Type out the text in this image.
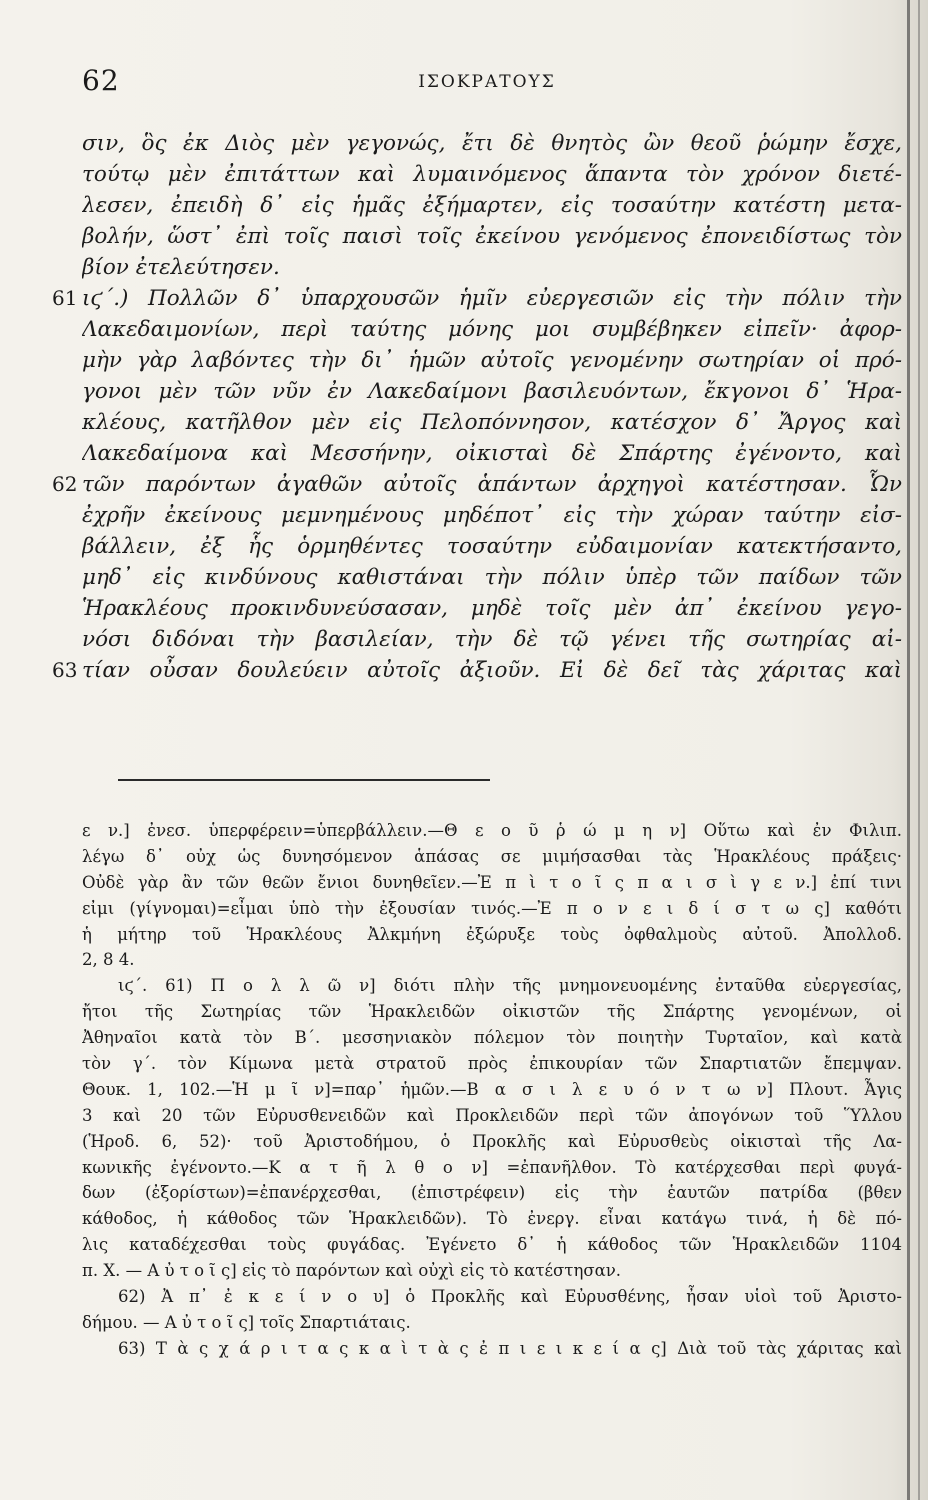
62	ΙΣΟΚΡΑΤΟΥΣ
σιν, ὃς ἐκ Διὸς μὲν γεγονώς, ἔτι δὲ θνητὸς ὢν θεοῦ ῥώμην ἔσχε,
τούτῳ μὲν ἐπιτάττων καὶ λυμαινόμενος ἅπαντα τὸν χρόνον διετέ-
λεσεν, ἐπειδὴ δ᾿ εἰς ἡμᾶς ἐξήμαρτεν, εἰς τοσαύτην κατέστη μετα-
βολήν, ὥστ᾿ ἐπὶ τοῖς παισὶ τοῖς ἐκείνου γενόμενος ἐπονειδίστως τὸν
βίον ἐτελεύτησεν.
61 ιϛ΄.) Πολλῶν δ᾿ ὑπαρχουσῶν ἡμῖν εὐεργεσιῶν εἰς τὴν πόλιν τὴν
Λακεδαιμονίων, περὶ ταύτης μόνης μοι συμβέβηκεν εἰπεῖν· ἀφορ-
μὴν γὰρ λαβόντες τὴν δι᾿ ἡμῶν αὐτοῖς γενομένην σωτηρίαν οἱ πρό-
γονοι μὲν τῶν νῦν ἐν Λακεδαίμονι βασιλευόντων, ἔκγονοι δ᾿ Ἡρα-
κλέους, κατῆλθον μὲν εἰς Πελοπόννησον, κατέσχον δ᾿ Ἄργος καὶ
Λακεδαίμονα καὶ Μεσσήνην, οἰκισταὶ δὲ Σπάρτης ἐγένοντο, καὶ
62 τῶν παρόντων ἀγαθῶν αὐτοῖς ἁπάντων ἀρχηγοὶ κατέστησαν. Ὧν
ἐχρῆν ἐκείνους μεμνημένους μηδέποτ᾿ εἰς τὴν χώραν ταύτην εἰσ-
βάλλειν, ἐξ ἧς ὁρμηθέντες τοσαύτην εὐδαιμονίαν κατεκτήσαντο,
μηδ᾿ εἰς κινδύνους καθιστάναι τὴν πόλιν ὑπὲρ τῶν παίδων τῶν
Ἡρακλέους προκινδυνεύσασαν, μηδὲ τοῖς μὲν ἀπ᾿ ἐκείνου γεγο-
νόσι διδόναι τὴν βασιλείαν, τὴν δὲ τῷ γένει τῆς σωτηρίας αἰ-
63 τίαν οὖσαν δουλεύειν αὐτοῖς ἀξιοῦν. Εἰ δὲ δεῖ τὰς χάριτας καὶ
ε ν.] ἐνεσ. ὑπερφέρειν=ὑπερβάλλειν.—Θ ε ο ῦ ῥ ώ μ η ν] Οὕτω καὶ ἐν Φιλιπ.
λέγω δ᾿ οὐχ ὡς δυνησόμενον ἁπάσας σε μιμήσασθαι τὰς Ἡρακλέους πράξεις·
Οὐδὲ γὰρ ἂν τῶν θεῶν ἔνιοι δυνηθεῖεν.—Ἐ π ὶ τ ο ῖ ς π α ι σ ὶ γ ε ν.] ἐπί τινι
εἰμι (γίγνομαι)=εἶμαι ὑπὸ τὴν ἐξουσίαν τινός.—Ἐ π ο ν ε ι δ ί σ τ ω ς] καθότι
ἡ μήτηρ τοῦ Ἡρακλέους Ἀλκμήνη ἐξώρυξε τοὺς ὀφθαλμοὺς αὐτοῦ. Ἀπολλοδ.
2, 8 4.
ιϛ΄. 61) Π ο λ λ ῶ ν] διότι πλὴν τῆς μνημονευομένης ἐνταῦθα εὐεργεσίας,
ἤτοι τῆς Σωτηρίας τῶν Ἡρακλειδῶν οἰκιστῶν τῆς Σπάρτης γενομένων, οἱ
Ἀθηναῖοι κατὰ τὸν Β΄. μεσσηνιακὸν πόλεμον τὸν ποιητὴν Τυρταῖον, καὶ κατὰ
τὸν γ΄. τὸν Κίμωνα μετὰ στρατοῦ πρὸς ἐπικουρίαν τῶν Σπαρτιατῶν ἔπεμψαν.
Θουκ. 1, 102.—Ἡ μ ῖ ν]=παρ᾿ ἡμῶν.—Β α σ ι λ ε υ ό ν τ ω ν] Πλουτ. Ἆγις
3 καὶ 20 τῶν Εὐρυσθενειδῶν καὶ Προκλειδῶν περὶ τῶν ἀπογόνων τοῦ Ὕλλου
(Ἡροδ. 6, 52)· τοῦ Ἀριστοδήμου, ὁ Προκλῆς καὶ Εὐρυσθεὺς οἰκισταὶ τῆς Λα-
κωνικῆς ἐγένοντο.—Κ α τ ῆ λ θ ο ν] =ἐπανῆλθον. Τὸ κατέρχεσθαι περὶ φυγά-
δων (ἐξορίστων)=ἐπανέρχεσθαι, (ἐπιστρέφειν) εἰς τὴν ἑαυτῶν πατρίδα (βθεν
κάθοδος, ἡ κάθοδος τῶν Ἡρακλειδῶν). Τὸ ἐνεργ. εἶναι κατάγω τινά, ἡ δὲ πό-
λις καταδέχεσθαι τοὺς φυγάδας. Ἐγένετο δ᾿ ἡ κάθοδος τῶν Ἡρακλειδῶν 1104
π. Χ. — Α ὐ τ ο ῖ ς] εἰς τὸ παρόντων καὶ οὐχὶ εἰς τὸ κατέστησαν.
62) Ἀ π᾿ ἐ κ ε ί ν ο υ] ὁ Προκλῆς καὶ Εὐρυσθένης, ἦσαν υἱοὶ τοῦ Ἀριστο-
δήμου. — Α ὐ τ ο ῖ ς] τοῖς Σπαρτιάταις.
63) Τ ὰ ς χ ά ρ ι τ α ς κ α ὶ τ ὰ ς ἐ π ι ε ι κ ε ί α ς] Διὰ τοῦ τὰς χάριτας καὶ
